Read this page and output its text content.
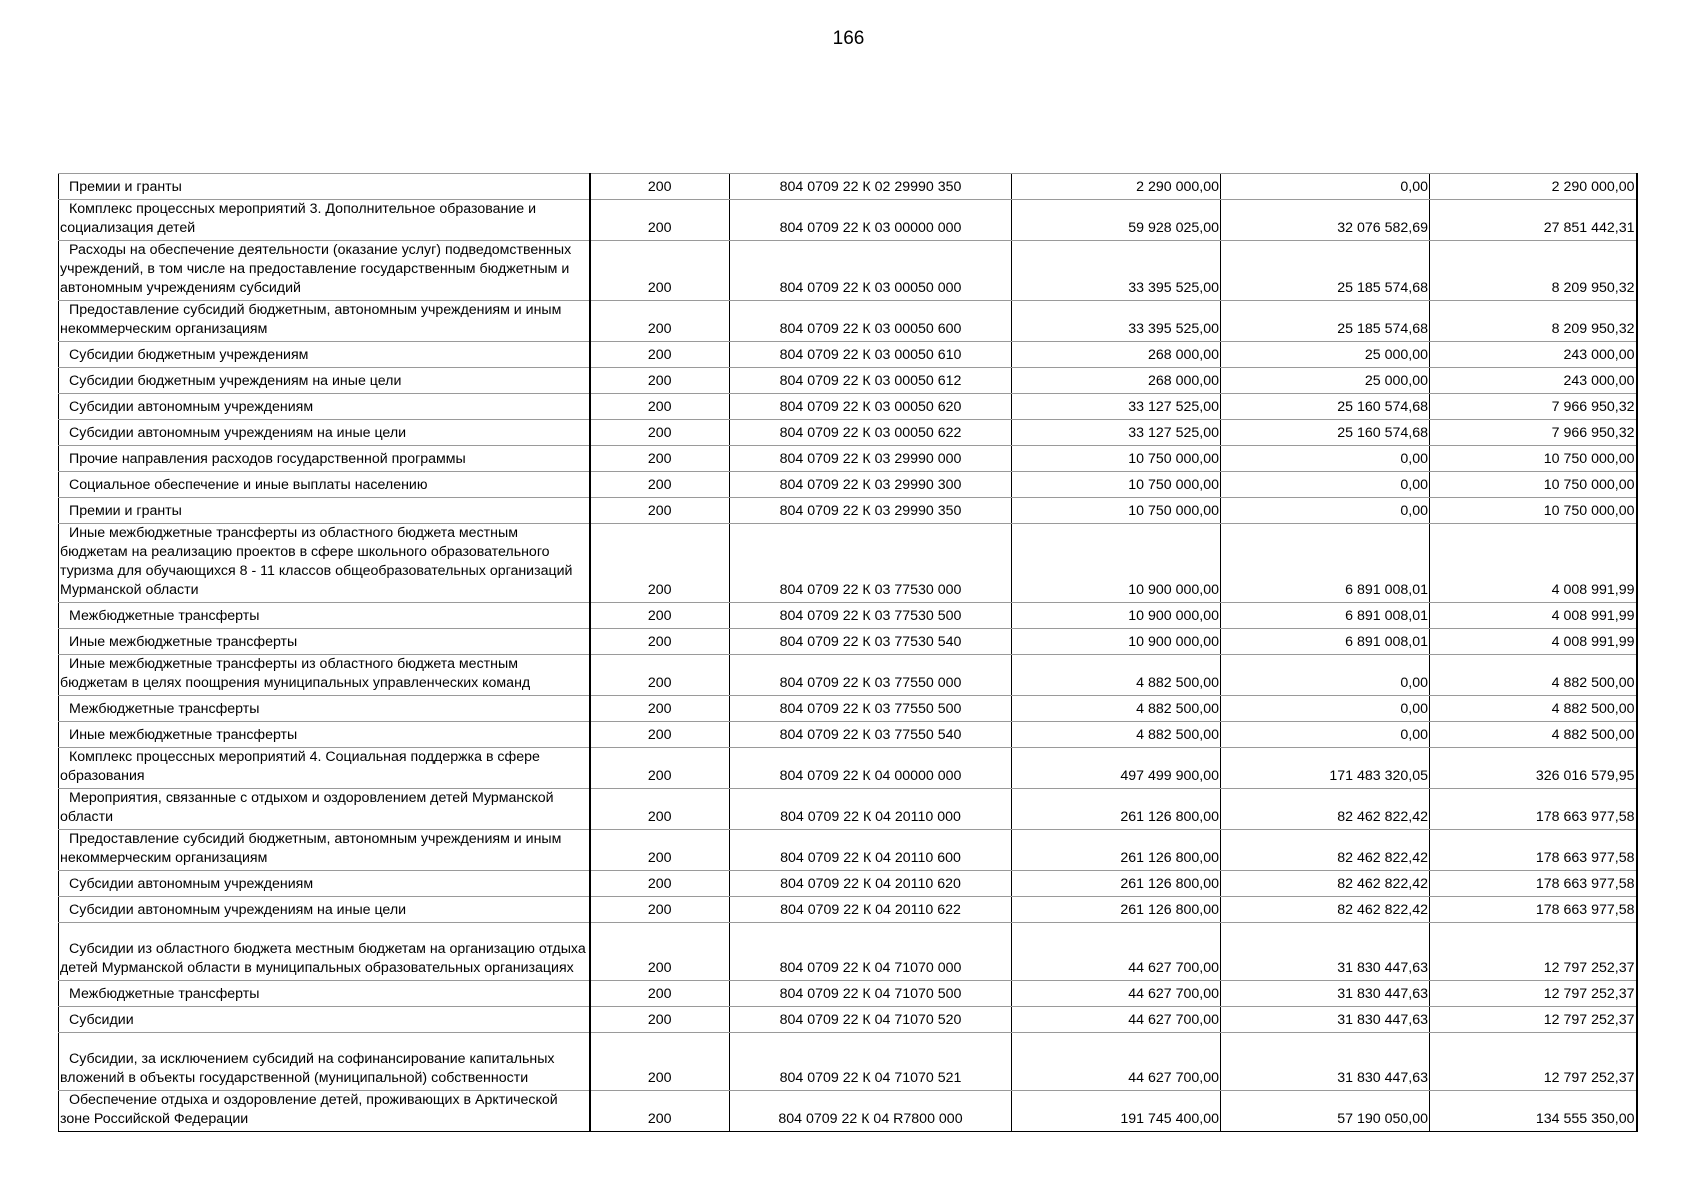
166
Премии и гранты	200	804 0709 22 К 02 29990 350	2 290 000,00	0,00	2 290 000,00
Комплекс процессных мероприятий 3. Дополнительное образование и социализация детей	200	804 0709 22 К 03 00000 000	59 928 025,00	32 076 582,69	27 851 442,31
Расходы на обеспечение деятельности (оказание услуг) подведомственных учреждений, в том числе на предоставление государственным бюджетным и автономным учреждениям субсидий	200	804 0709 22 К 03 00050 000	33 395 525,00	25 185 574,68	8 209 950,32
Предоставление субсидий бюджетным, автономным учреждениям и иным некоммерческим организациям	200	804 0709 22 К 03 00050 600	33 395 525,00	25 185 574,68	8 209 950,32
Субсидии бюджетным учреждениям	200	804 0709 22 К 03 00050 610	268 000,00	25 000,00	243 000,00
Субсидии бюджетным учреждениям на иные цели	200	804 0709 22 К 03 00050 612	268 000,00	25 000,00	243 000,00
Субсидии автономным учреждениям	200	804 0709 22 К 03 00050 620	33 127 525,00	25 160 574,68	7 966 950,32
Субсидии автономным учреждениям на иные цели	200	804 0709 22 К 03 00050 622	33 127 525,00	25 160 574,68	7 966 950,32
Прочие направления расходов государственной программы	200	804 0709 22 К 03 29990 000	10 750 000,00	0,00	10 750 000,00
Социальное обеспечение и иные выплаты населению	200	804 0709 22 К 03 29990 300	10 750 000,00	0,00	10 750 000,00
Премии и гранты	200	804 0709 22 К 03 29990 350	10 750 000,00	0,00	10 750 000,00
Иные межбюджетные трансферты из областного бюджета местным бюджетам на реализацию проектов в сфере школьного образовательного туризма для обучающихся 8 - 11 классов общеобразовательных организаций Мурманской области	200	804 0709 22 К 03 77530 000	10 900 000,00	6 891 008,01	4 008 991,99
Межбюджетные трансферты	200	804 0709 22 К 03 77530 500	10 900 000,00	6 891 008,01	4 008 991,99
Иные межбюджетные трансферты	200	804 0709 22 К 03 77530 540	10 900 000,00	6 891 008,01	4 008 991,99
Иные межбюджетные трансферты из областного бюджета местным бюджетам в целях поощрения муниципальных управленческих команд	200	804 0709 22 К 03 77550 000	4 882 500,00	0,00	4 882 500,00
Межбюджетные трансферты	200	804 0709 22 К 03 77550 500	4 882 500,00	0,00	4 882 500,00
Иные межбюджетные трансферты	200	804 0709 22 К 03 77550 540	4 882 500,00	0,00	4 882 500,00
Комплекс процессных мероприятий 4. Социальная поддержка в сфере образования	200	804 0709 22 К 04 00000 000	497 499 900,00	171 483 320,05	326 016 579,95
Мероприятия, связанные с отдыхом и оздоровлением детей Мурманской области	200	804 0709 22 К 04 20110 000	261 126 800,00	82 462 822,42	178 663 977,58
Предоставление субсидий бюджетным, автономным учреждениям и иным некоммерческим организациям	200	804 0709 22 К 04 20110 600	261 126 800,00	82 462 822,42	178 663 977,58
Субсидии автономным учреждениям	200	804 0709 22 К 04 20110 620	261 126 800,00	82 462 822,42	178 663 977,58
Субсидии автономным учреждениям на иные цели	200	804 0709 22 К 04 20110 622	261 126 800,00	82 462 822,42	178 663 977,58
Субсидии из областного бюджета местным бюджетам на организацию отдыха детей Мурманской области в муниципальных образовательных организациях	200	804 0709 22 К 04 71070 000	44 627 700,00	31 830 447,63	12 797 252,37
Межбюджетные трансферты	200	804 0709 22 К 04 71070 500	44 627 700,00	31 830 447,63	12 797 252,37
Субсидии	200	804 0709 22 К 04 71070 520	44 627 700,00	31 830 447,63	12 797 252,37
Субсидии, за исключением субсидий на софинансирование капитальных вложений в объекты государственной (муниципальной) собственности	200	804 0709 22 К 04 71070 521	44 627 700,00	31 830 447,63	12 797 252,37
Обеспечение отдыха и оздоровление детей, проживающих в Арктической зоне Российской Федерации	200	804 0709 22 К 04 R7800 000	191 745 400,00	57 190 050,00	134 555 350,00
